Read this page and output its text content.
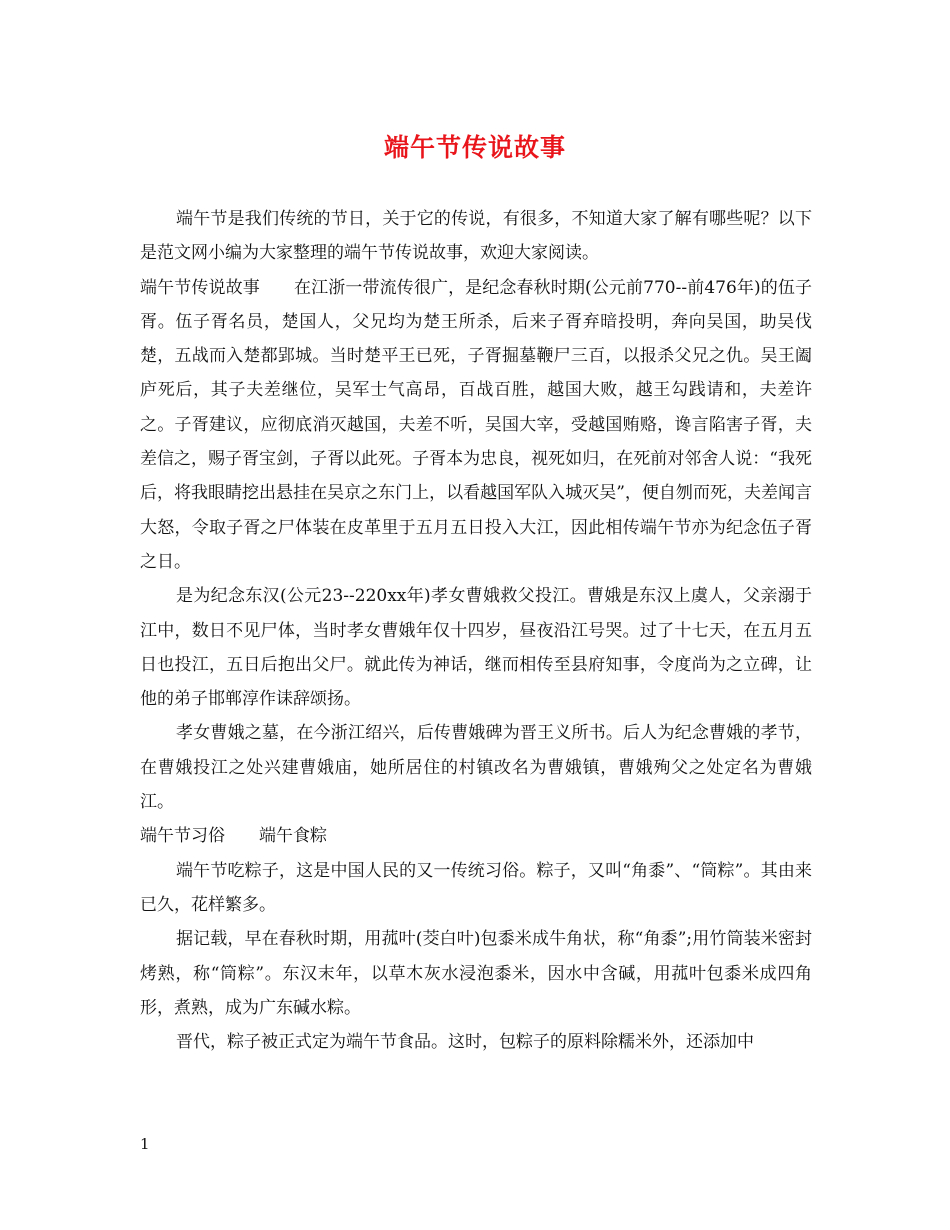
端午节传说故事

端午节是我们传统的节日，关于它的传说，有很多，不知道大家了解有哪些呢？以下是范文网小编为大家整理的端午节传说故事，欢迎大家阅读。

端午节传说故事 在江浙一带流传很广，是纪念春秋时期(公元前770--前476年)的伍子胥。伍子胥名员，楚国人，父兄均为楚王所杀，后来子胥弃暗投明，奔向吴国，助吴伐楚，五战而入楚都郢城。当时楚平王已死，子胥掘墓鞭尸三百，以报杀父兄之仇。吴王阖庐死后，其子夫差继位，吴军士气高昂，百战百胜，越国大败，越王勾践请和，夫差许之。子胥建议，应彻底消灭越国，夫差不听，吴国大宰，受越国贿赂，谗言陷害子胥，夫差信之，赐子胥宝剑，子胥以此死。子胥本为忠良，视死如归，在死前对邻舍人说：“我死后，将我眼睛挖出悬挂在吴京之东门上，以看越国军队入城灭吴”，便自刎而死，夫差闻言大怒，令取子胥之尸体装在皮革里于五月五日投入大江，因此相传端午节亦为纪念伍子胥之日。

是为纪念东汉(公元23--220xx年)孝女曹娥救父投江。曹娥是东汉上虞人，父亲溺于江中，数日不见尸体，当时孝女曹娥年仅十四岁，昼夜沿江号哭。过了十七天，在五月五日也投江，五日后抱出父尸。就此传为神话，继而相传至县府知事，令度尚为之立碑，让他的弟子邯郸淳作诔辞颂扬。

孝女曹娥之墓，在今浙江绍兴，后传曹娥碑为晋王义所书。后人为纪念曹娥的孝节，在曹娥投江之处兴建曹娥庙，她所居住的村镇改名为曹娥镇，曹娥殉父之处定名为曹娥江。

端午节习俗 端午食粽

端午节吃粽子，这是中国人民的又一传统习俗。粽子，又叫“角黍”、“筒粽”。其由来已久，花样繁多。

据记载，早在春秋时期，用菰叶(茭白叶)包黍米成牛角状，称“角黍”;用竹筒装米密封烤熟，称“筒粽”。东汉末年，以草木灰水浸泡黍米，因水中含碱，用菰叶包黍米成四角形，煮熟，成为广东碱水粽。

晋代，粽子被正式定为端午节食品。这时，包粽子的原料除糯米外，还添加中

1
